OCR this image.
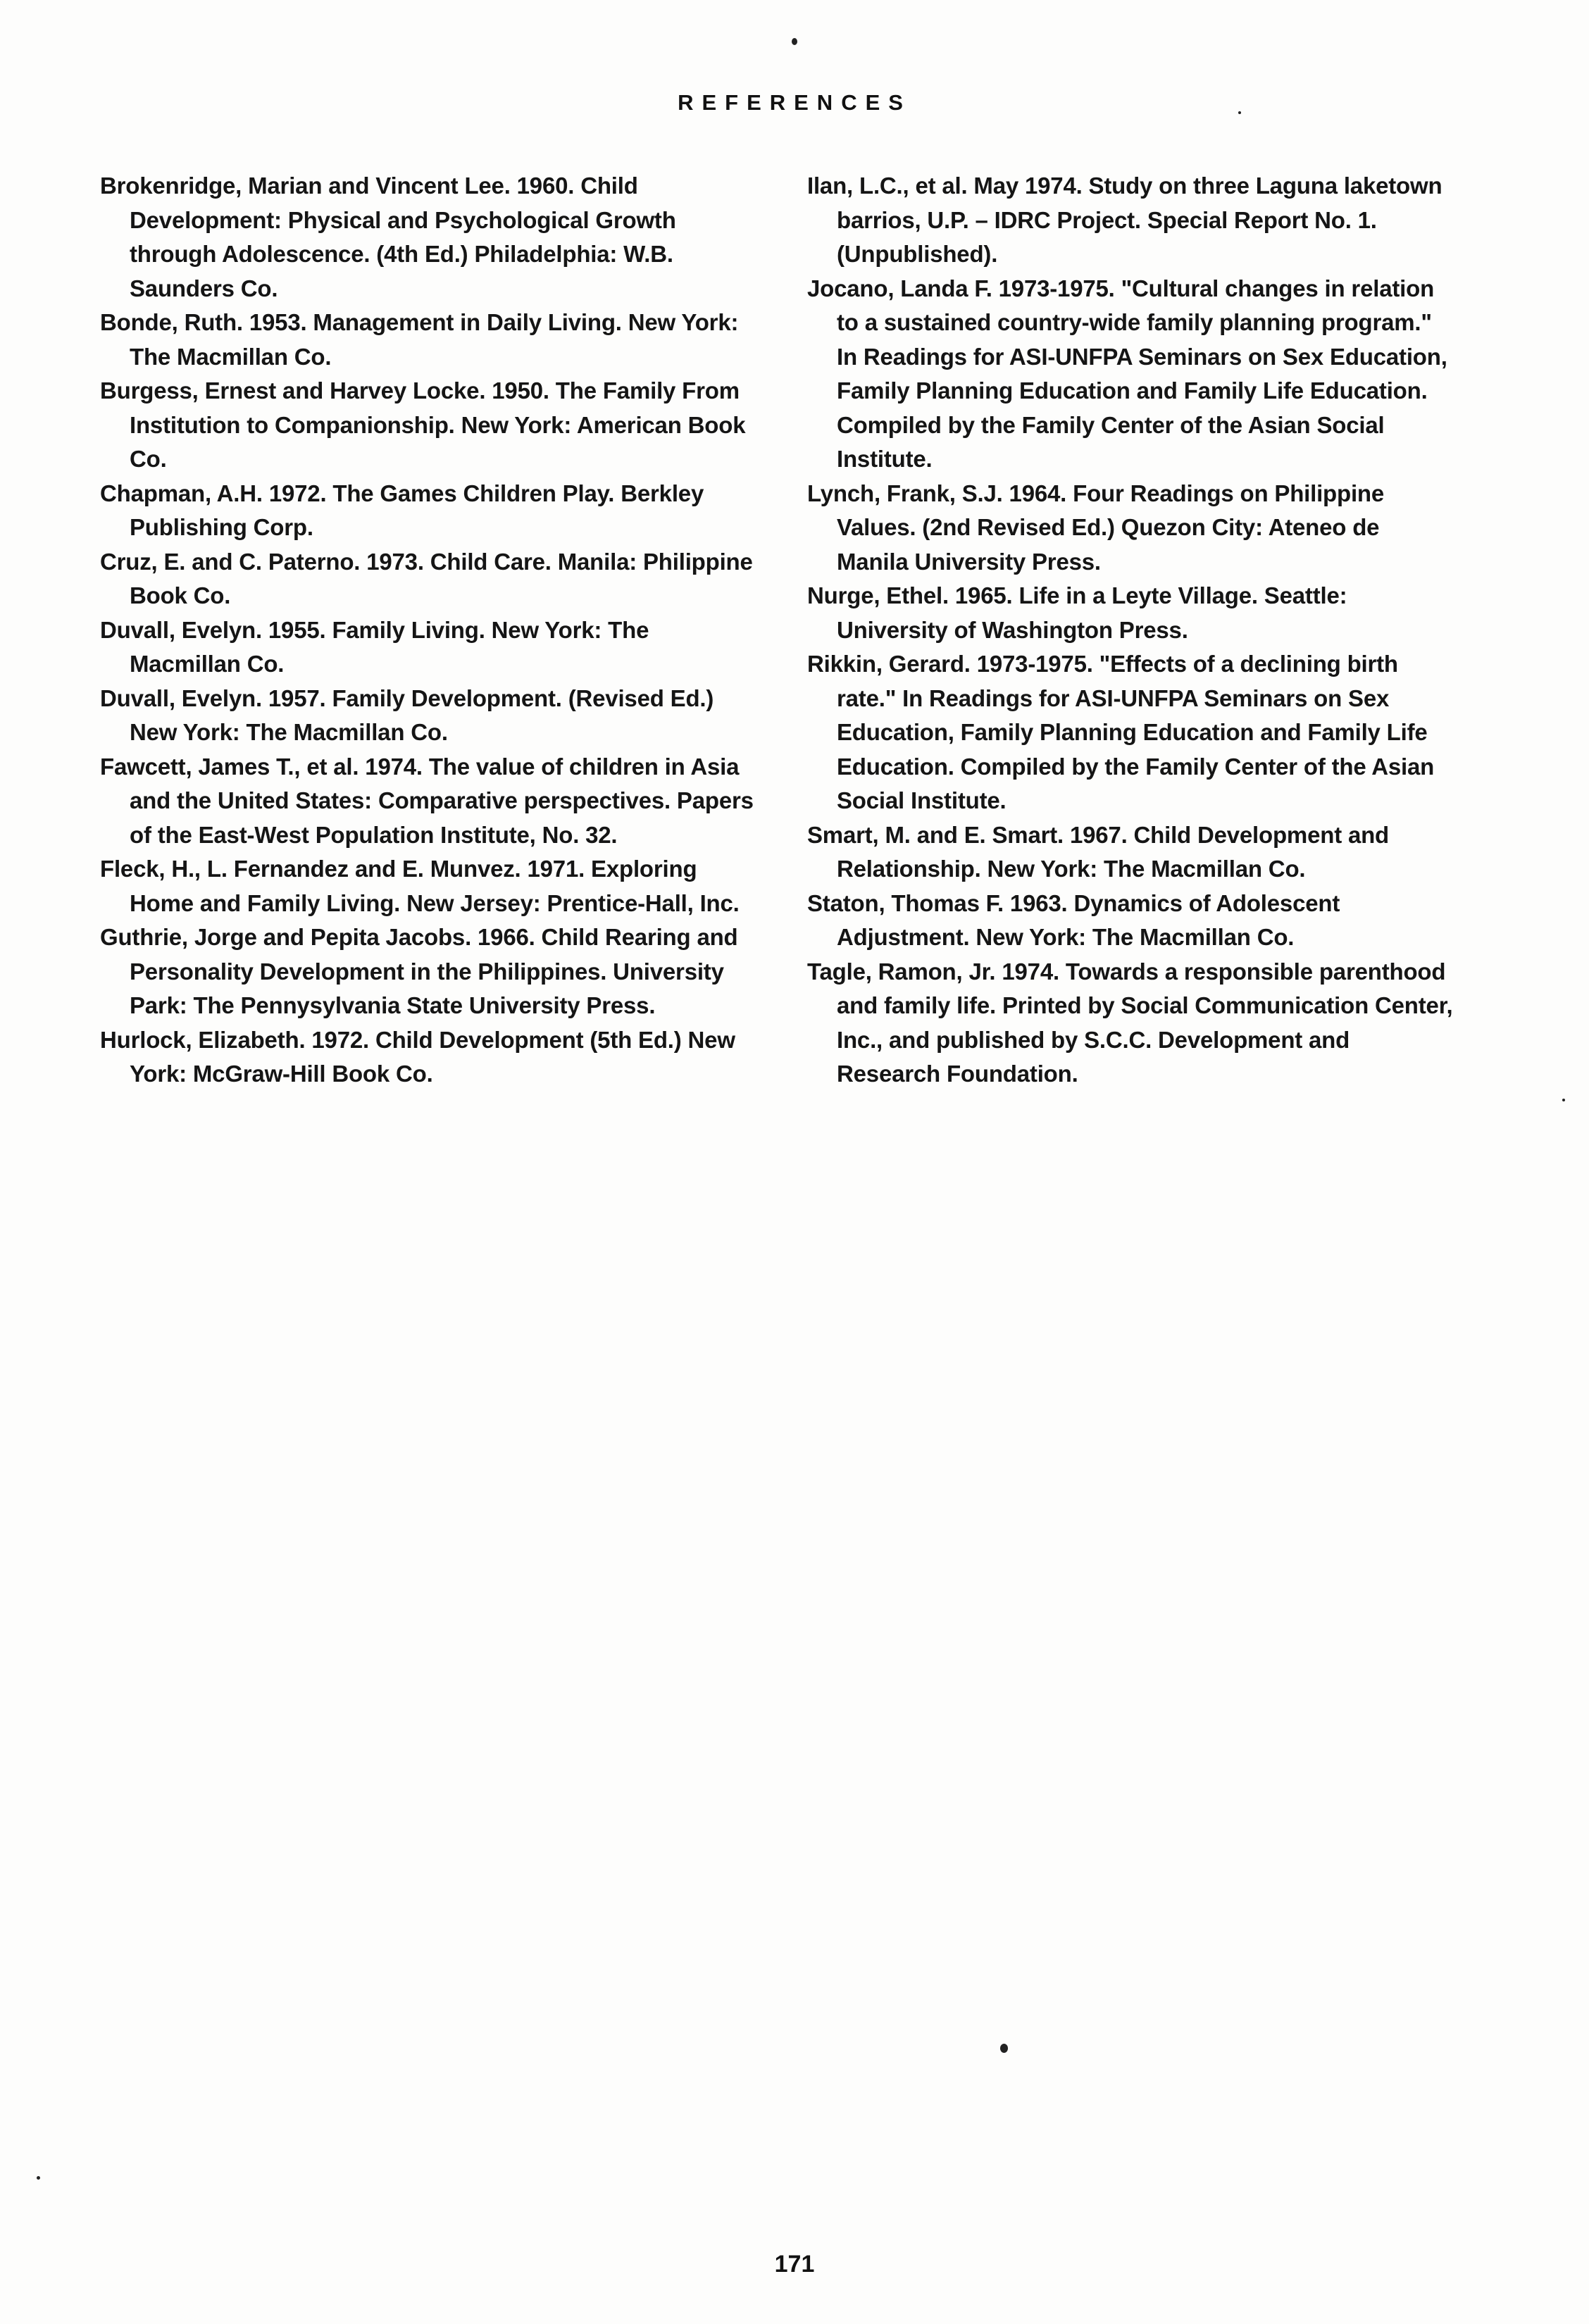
REFERENCES
Brokenridge, Marian and Vincent Lee. 1960. Child Development: Physical and Psychological Growth through Adolescence. (4th Ed.) Philadelphia: W.B. Saunders Co.
Bonde, Ruth. 1953. Management in Daily Living. New York: The Macmillan Co.
Burgess, Ernest and Harvey Locke. 1950. The Family From Institution to Companionship. New York: American Book Co.
Chapman, A.H. 1972. The Games Children Play. Berkley Publishing Corp.
Cruz, E. and C. Paterno. 1973. Child Care. Manila: Philippine Book Co.
Duvall, Evelyn. 1955. Family Living. New York: The Macmillan Co.
Duvall, Evelyn. 1957. Family Development. (Revised Ed.) New York: The Macmillan Co.
Fawcett, James T., et al. 1974. The value of children in Asia and the United States: Comparative perspectives. Papers of the East-West Population Institute, No. 32.
Fleck, H., L. Fernandez and E. Munvez. 1971. Exploring Home and Family Living. New Jersey: Prentice-Hall, Inc.
Guthrie, Jorge and Pepita Jacobs. 1966. Child Rearing and Personality Development in the Philippines. University Park: The Pennysylvania State University Press.
Hurlock, Elizabeth. 1972. Child Development (5th Ed.) New York: McGraw-Hill Book Co.
Ilan, L.C., et al. May 1974. Study on three Laguna laketown barrios, U.P. – IDRC Project. Special Report No. 1. (Unpublished).
Jocano, Landa F. 1973-1975. "Cultural changes in relation to a sustained country-wide family planning program." In Readings for ASI-UNFPA Seminars on Sex Education, Family Planning Education and Family Life Education. Compiled by the Family Center of the Asian Social Institute.
Lynch, Frank, S.J. 1964. Four Readings on Philippine Values. (2nd Revised Ed.) Quezon City: Ateneo de Manila University Press.
Nurge, Ethel. 1965. Life in a Leyte Village. Seattle: University of Washington Press.
Rikkin, Gerard. 1973-1975. "Effects of a declining birth rate." In Readings for ASI-UNFPA Seminars on Sex Education, Family Planning Education and Family Life Education. Compiled by the Family Center of the Asian Social Institute.
Smart, M. and E. Smart. 1967. Child Development and Relationship. New York: The Macmillan Co.
Staton, Thomas F. 1963. Dynamics of Adolescent Adjustment. New York: The Macmillan Co.
Tagle, Ramon, Jr. 1974. Towards a responsible parenthood and family life. Printed by Social Communication Center, Inc., and published by S.C.C. Development and Research Foundation.
171
